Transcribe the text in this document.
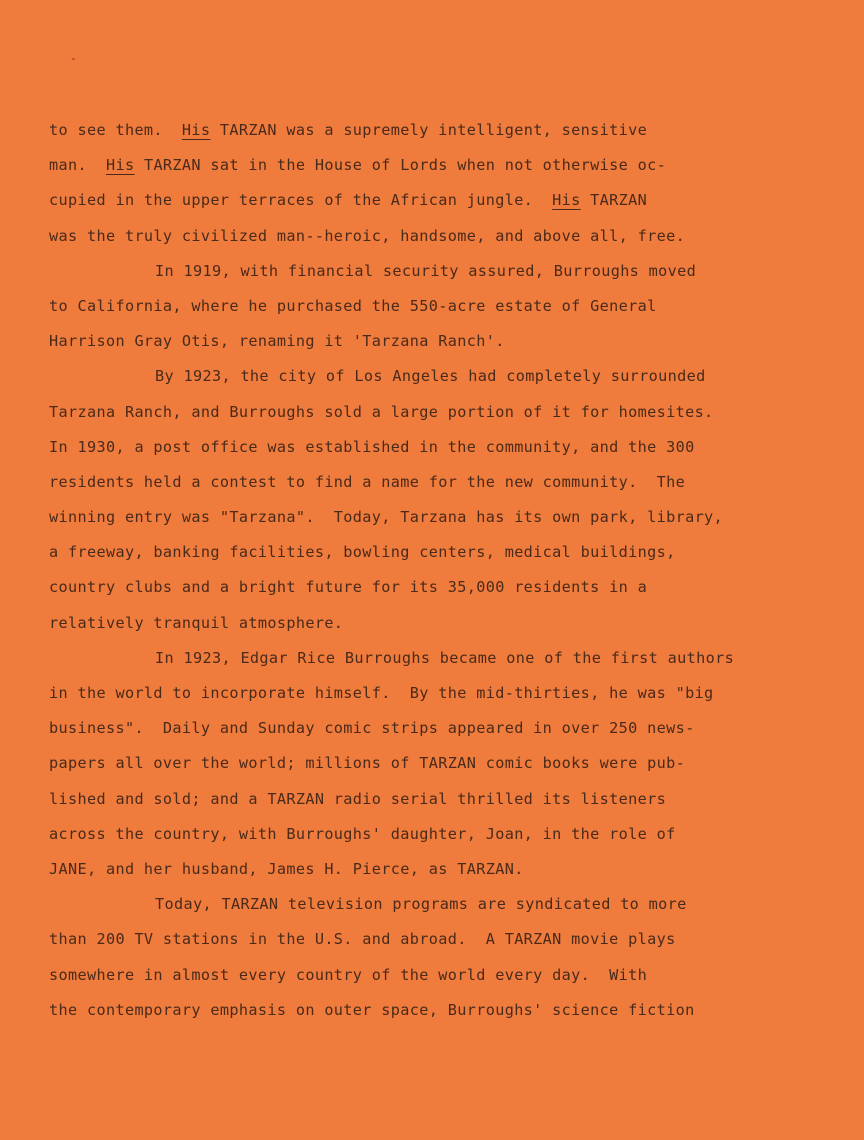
to see them.  His TARZAN was a supremely intelligent, sensitive
man.  His TARZAN sat in the House of Lords when not otherwise oc-
cupied in the upper terraces of the African jungle.  His TARZAN
was the truly civilized man--heroic, handsome, and above all, free.
In 1919, with financial security assured, Burroughs moved
to California, where he purchased the 550-acre estate of General
Harrison Gray Otis, renaming it 'Tarzana Ranch'.
By 1923, the city of Los Angeles had completely surrounded
Tarzana Ranch, and Burroughs sold a large portion of it for homesites.
In 1930, a post office was established in the community, and the 300
residents held a contest to find a name for the new community.  The
winning entry was "Tarzana".  Today, Tarzana has its own park, library,
a freeway, banking facilities, bowling centers, medical buildings,
country clubs and a bright future for its 35,000 residents in a
relatively tranquil atmosphere.
In 1923, Edgar Rice Burroughs became one of the first authors
in the world to incorporate himself.  By the mid-thirties, he was "big
business".  Daily and Sunday comic strips appeared in over 250 news-
papers all over the world; millions of TARZAN comic books were pub-
lished and sold; and a TARZAN radio serial thrilled its listeners
across the country, with Burroughs' daughter, Joan, in the role of
JANE, and her husband, James H. Pierce, as TARZAN.
Today, TARZAN television programs are syndicated to more
than 200 TV stations in the U.S. and abroad.  A TARZAN movie plays
somewhere in almost every country of the world every day.  With
the contemporary emphasis on outer space, Burroughs' science fiction
